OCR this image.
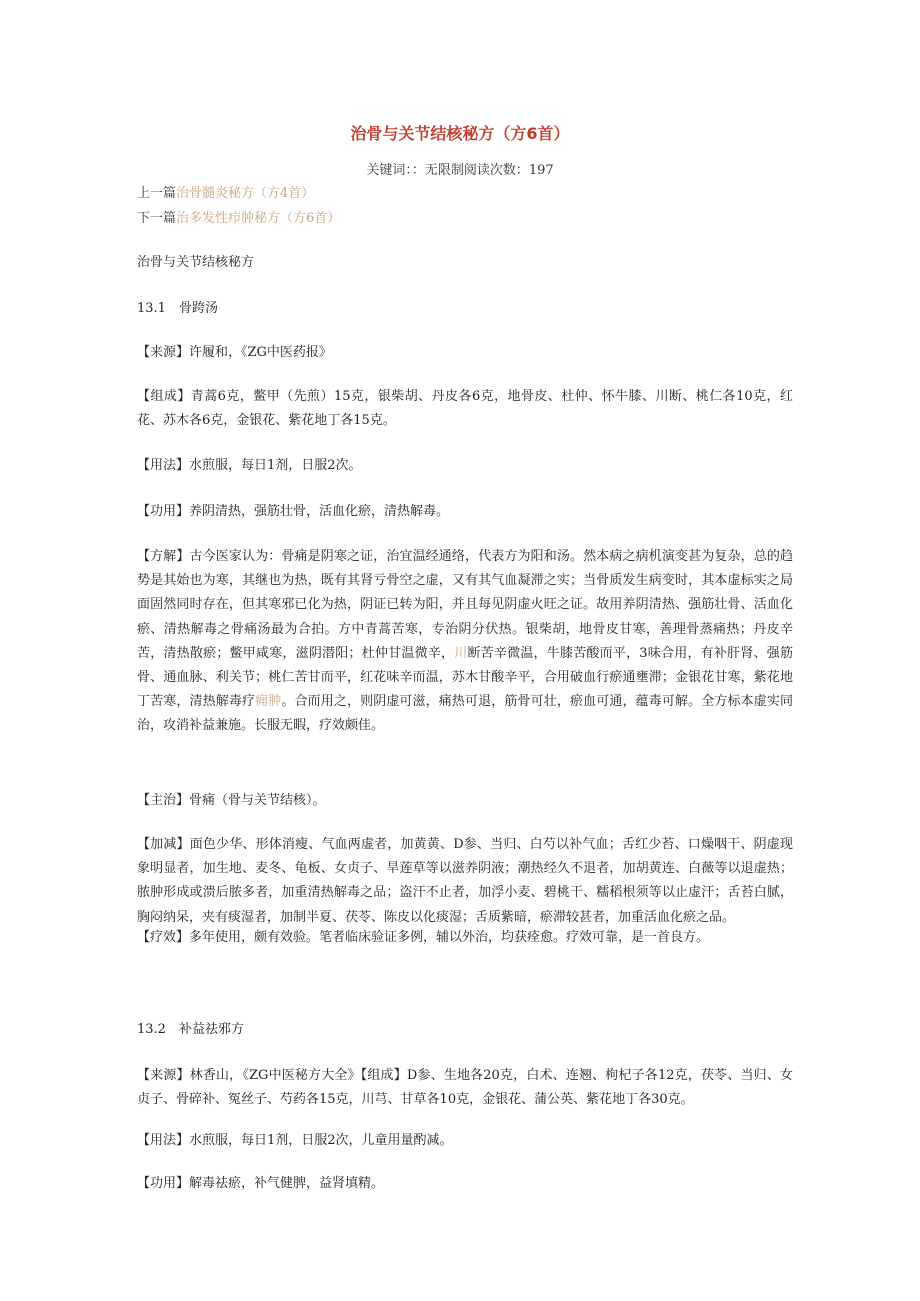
治骨与关节结核秘方（方6首）
关键词：：无限制阅读次数：197
上一篇治骨髓炎秘方（方4首）
下一篇治多发性疖肿秘方（方6首）
治骨与关节结核秘方
13.1　骨跨汤
【来源】许履和，《ZG中医药报》
【组成】青蒿6克，鳖甲（先煎）15克，银柴胡、丹皮各6克，地骨皮、杜仲、怀牛膝、川断、桃仁各10克，红花、苏木各6克，金银花、紫花地丁各15克。
【用法】水煎服，每日1剂，日服2次。
【功用】养阴清热，强筋壮骨，活血化瘀，清热解毒。
【方解】古今医家认为：骨痛是阴寒之证，治宜温经通络，代表方为阳和汤。然本病之病机演变甚为复杂，总的趋势是其始也为寒，其继也为热，既有其肾亏骨空之虚，又有其气血凝滞之实；当骨质发生病变时，其本虚标实之局面固然同时存在，但其寒邪已化为热，阴证已转为阳，并且每见阴虚火旺之证。故用养阴清热、强筋壮骨、活血化瘀、清热解毒之骨痛汤最为合拍。方中青蒿苦寒，专治阴分伏热。银柴胡，地骨皮甘寒，善理骨蒸痛热；丹皮辛苦，清热散瘀；鳖甲咸寒，滋阴潜阳；杜仲甘温微辛，川断苦辛微温，牛膝苦酸而平，3味合用，有补肝肾、强筋骨、通血脉、利关节；桃仁苦甘而平，红花味辛而温，苏木甘酸辛平，合用破血行瘀通壅滞；金银花甘寒，紫花地丁苦寒，清热解毒疗痈肿。合而用之，则阴虚可滋，痛热可退，筋骨可壮，瘀血可通，蕴毒可解。全方标本虚实同治，攻消补益兼施。长服无暇，疗效颇佳。
【主治】骨痛（骨与关节结核）。
【加减】面色少华、形体消瘦、气血两虚者，加黄黄、D参、当归、白芍以补气血；舌红少苔、口燥咽干、阴虚现象明显者，加生地、麦冬、龟板、女贞子、旱莲草等以滋养阴液；潮热经久不退者，加胡黄连、白薇等以退虚热；脓肿形成或溃后脓多者，加重清热解毒之品；盗汗不止者，加浮小麦、碧桃干、糯稻根须等以止虚汗；舌苔白腻，胸闷纳呆，夹有痰湿者，加制半夏、茯苓、陈皮以化痰湿；舌质紫暗，瘀滞较甚者，加重活血化瘀之品。
【疗效】多年使用，颇有效验。笔者临床验证多例，辅以外治，均获痊愈。疗效可靠，是一首良方。
13.2　补益祛邪方
【来源】林香山，《ZG中医秘方大全》【组成】D参、生地各20克，白术、连翘、枸杞子各12克，茯苓、当归、女贞子、骨碎补、冤丝子、芍药各15克，川芎、甘草各10克，金银花、蒲公英、紫花地丁各30克。
【用法】水煎服，每日1剂，日服2次，儿童用量酌减。
【功用】解毒祛瘀，补气健脾，益肾填精。
